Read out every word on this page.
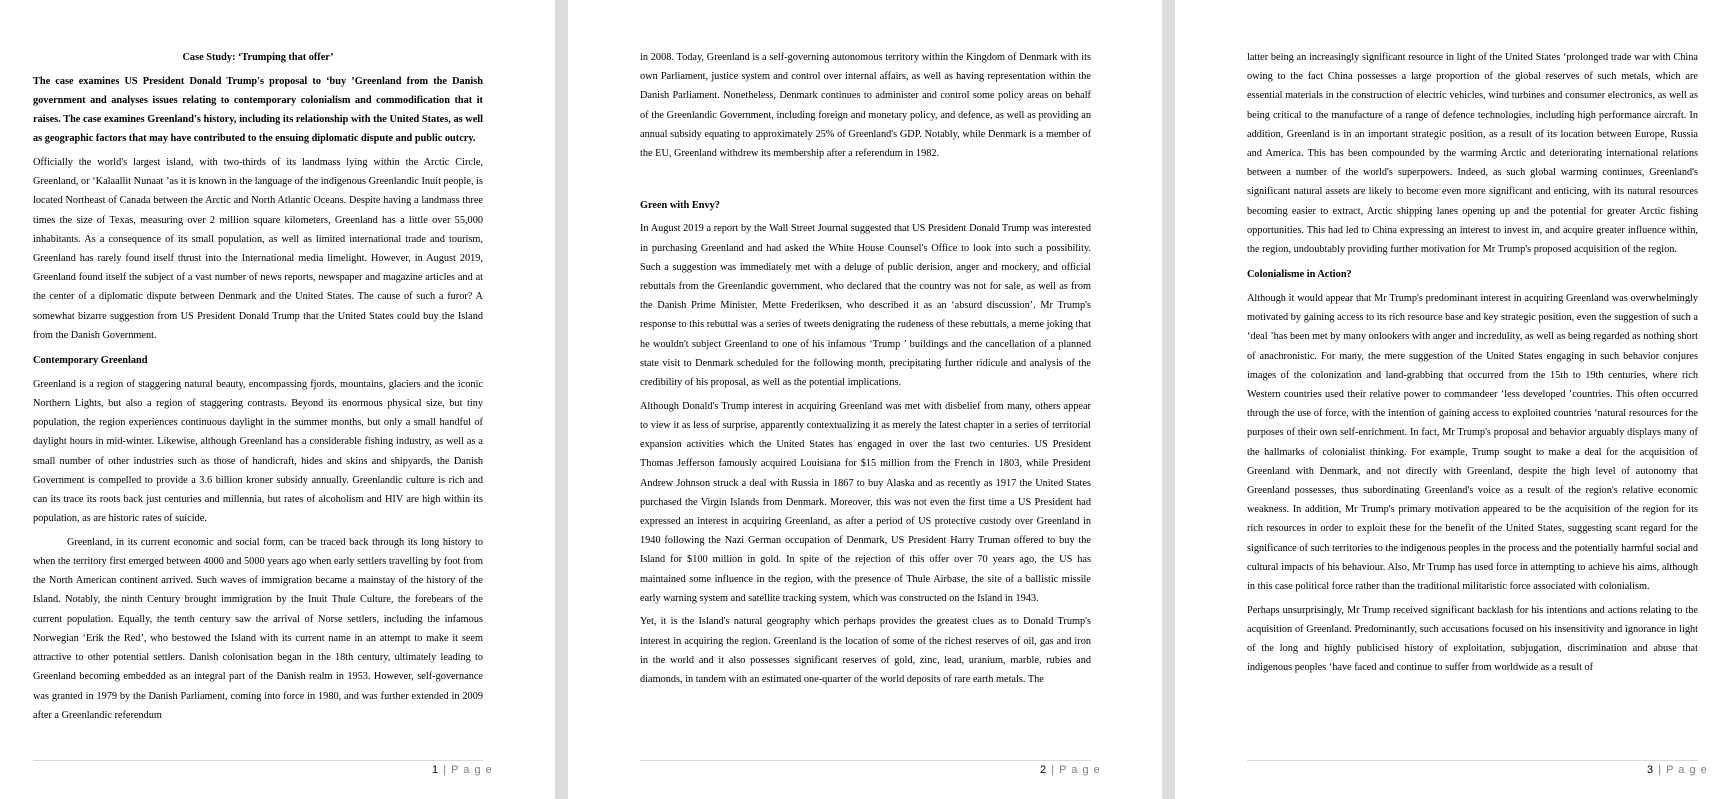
Case Study: ‘Trumping that offer’

The case examines US President Donald Trump's proposal to ‘buy ’Greenland from the Danish government and analyses issues relating to contemporary colonialism and commodification that it raises. The case examines Greenland's history, including its relationship with the United States, as well as geographic factors that may have contributed to the ensuing diplomatic dispute and public outcry.

Officially the world's largest island, with two-thirds of its landmass lying within the Arctic Circle, Greenland, or ‘Kalaallit Nunaat ’as it is known in the language of the indigenous Greenlandic Inuit people, is located Northeast of Canada between the Arctic and North Atlantic Oceans. Despite having a landmass three times the size of Texas, measuring over 2 million square kilometers, Greenland has a little over 55,000 inhabitants. As a consequence of its small population, as well as limited international trade and tourism, Greenland has rarely found itself thrust into the International media limelight. However, in August 2019, Greenland found itself the subject of a vast number of news reports, newspaper and magazine articles and at the center of a diplomatic dispute between Denmark and the United States. The cause of such a furor? A somewhat bizarre suggestion from US President Donald Trump that the United States could buy the Island from the Danish Government.

Contemporary Greenland

Greenland is a region of staggering natural beauty, encompassing fjords, mountains, glaciers and the iconic Northern Lights, but also a region of staggering contrasts. Beyond its enormous physical size, but tiny population, the region experiences continuous daylight in the summer months, but only a small handful of daylight hours in mid-winter. Likewise, although Greenland has a considerable fishing industry, as well as a small number of other industries such as those of handicraft, hides and skins and shipyards, the Danish Government is compelled to provide a 3.6 billion kroner subsidy annually. Greenlandic culture is rich and can its trace its roots back just centuries and millennia, but rates of alcoholism and HIV are high within its population, as are historic rates of suicide.

Greenland, in its current economic and social form, can be traced back through its long history to when the territory first emerged between 4000 and 5000 years ago when early settlers travelling by foot from the North American continent arrived. Such waves of immigration became a mainstay of the history of the Island. Notably, the ninth Century brought immigration by the Inuit Thule Culture, the forebears of the current population. Equally, the tenth century saw the arrival of Norse settlers, including the infamous Norwegian ‘Erik the Red’, who bestowed the Island with its current name in an attempt to make it seem attractive to other potential settlers. Danish colonisation began in the 18th century, ultimately leading to Greenland becoming embedded as an integral part of the Danish realm in 1953. However, self-governance was granted in 1979 by the Danish Parliament, coming into force in 1980, and was further extended in 2009 after a Greenlandic referendum

1 | P a g e

in 2008. Today, Greenland is a self-governing autonomous territory within the Kingdom of Denmark with its own Parliament, justice system and control over internal affairs, as well as having representation within the Danish Parliament. Nonetheless, Denmark continues to administer and control some policy areas on behalf of the Greenlandic Government, including foreign and monetary policy, and defence, as well as providing an annual subsidy equating to approximately 25% of Greenland's GDP. Notably, while Denmark is a member of the EU, Greenland withdrew its membership after a referendum in 1982.

Green with Envy?

In August 2019 a report by the Wall Street Journal suggested that US President Donald Trump was interested in purchasing Greenland and had asked the White House Counsel's Office to look into such a possibility. Such a suggestion was immediately met with a deluge of public derision, anger and mockery, and official rebuttals from the Greenlandic government, who declared that the country was not for sale, as well as from the Danish Prime Minister, Mette Frederiksen, who described it as an ‘absurd discussion’. Mr Trump's response to this rebuttal was a series of tweets denigrating the rudeness of these rebuttals, a meme joking that he wouldn't subject Greenland to one of his infamous ‘Trump ’ buildings and the cancellation of a planned state visit to Denmark scheduled for the following month, precipitating further ridicule and analysis of the credibility of his proposal, as well as the potential implications.

Although Donald's Trump interest in acquiring Greenland was met with disbelief from many, others appear to view it as less of surprise, apparently contextualizing it as merely the latest chapter in a series of territorial expansion activities which the United States has engaged in over the last two centuries. US President Thomas Jefferson famously acquired Louisiana for $15 million from the French in 1803, while President Andrew Johnson struck a deal with Russia in 1867 to buy Alaska and as recently as 1917 the United States purchased the Virgin Islands from Denmark. Moreover, this was not even the first time a US President had expressed an interest in acquiring Greenland, as after a period of US protective custody over Greenland in 1940 following the Nazi German occupation of Denmark, US President Harry Truman offered to buy the Island for $100 million in gold. In spite of the rejection of this offer over 70 years ago, the US has maintained some influence in the region, with the presence of Thule Airbase, the site of a ballistic missile early warning system and satellite tracking system, which was constructed on the Island in 1943.

Yet, it is the Island's natural geography which perhaps provides the greatest clues as to Donald Trump's interest in acquiring the region. Greenland is the location of some of the richest reserves of oil, gas and iron in the world and it also possesses significant reserves of gold, zinc, lead, uranium, marble, rubies and diamonds, in tandem with an estimated one-quarter of the world deposits of rare earth metals. The

2 | P a g e

latter being an increasingly significant resource in light of the United States ‘prolonged trade war with China owing to the fact China possesses a large proportion of the global reserves of such metals, which are essential materials in the construction of electric vehicles, wind turbines and consumer electronics, as well as being critical to the manufacture of a range of defence technologies, including high performance aircraft. In addition, Greenland is in an important strategic position, as a result of its location between Europe, Russia and America. This has been compounded by the warming Arctic and deteriorating international relations between a number of the world's superpowers. Indeed, as such global warming continues, Greenland's significant natural assets are likely to become even more significant and enticing, with its natural resources becoming easier to extract, Arctic shipping lanes opening up and the potential for greater Arctic fishing opportunities. This had led to China expressing an interest to invest in, and acquire greater influence within, the region, undoubtably providing further motivation for Mr Trump's proposed acquisition of the region.

Colonialisme in Action?

Although it would appear that Mr Trump's predominant interest in acquiring Greenland was overwhelmingly motivated by gaining access to its rich resource base and key strategic position, even the suggestion of such a ‘deal ’has been met by many onlookers with anger and incredulity, as well as being regarded as nothing short of anachronistic. For many, the mere suggestion of the United States engaging in such behavior conjures images of the colonization and land-grabbing that occurred from the 15th to 19th centuries, where rich Western countries used their relative power to commandeer ‘less developed ’countries. This often occurred through the use of force, with the intention of gaining access to exploited countries ‘natural resources for the purposes of their own self-enrichment. In fact, Mr Trump's proposal and behavior arguably displays many of the hallmarks of colonialist thinking. For example, Trump sought to make a deal for the acquisition of Greenland with Denmark, and not directly with Greenland, despite the high level of autonomy that Greenland possesses, thus subordinating Greenland's voice as a result of the region's relative economic weakness. In addition, Mr Trump's primary motivation appeared to be the acquisition of the region for its rich resources in order to exploit these for the benefit of the United States, suggesting scant regard for the significance of such territories to the indigenous peoples in the process and the potentially harmful social and cultural impacts of his behaviour. Also, Mr Trump has used force in attempting to achieve his aims, although in this case political force rather than the traditional militaristic force associated with colonialism.

Perhaps unsurprisingly, Mr Trump received significant backlash for his intentions and actions relating to the acquisition of Greenland. Predominantly, such accusations focused on his insensitivity and ignorance in light of the long and highly publicised history of exploitation, subjugation, discrimination and abuse that indigenous peoples ‘have faced and continue to suffer from worldwide as a result of

3 | P a g e
